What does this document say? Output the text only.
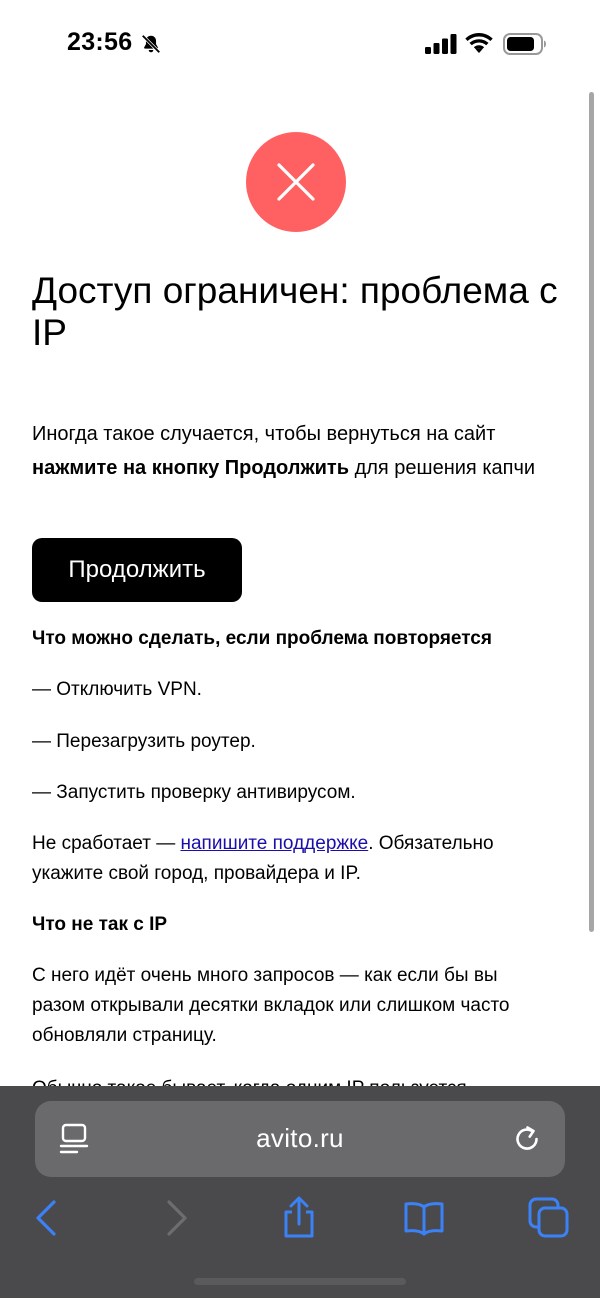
23:56
Доступ ограничен: проблема с IP

Иногда такое случается, чтобы вернуться на сайт нажмите на кнопку Продолжить для решения капчи

Продолжить

Что можно сделать, если проблема повторяется

— Отключить VPN.

— Перезагрузить роутер.

— Запустить проверку антивирусом.

Не сработает — напишите поддержке. Обязательно укажите свой город, провайдера и IP.

Что не так с IP

С него идёт очень много запросов — как если бы вы разом открывали десятки вкладок или слишком часто обновляли страницу.

avito.ru
